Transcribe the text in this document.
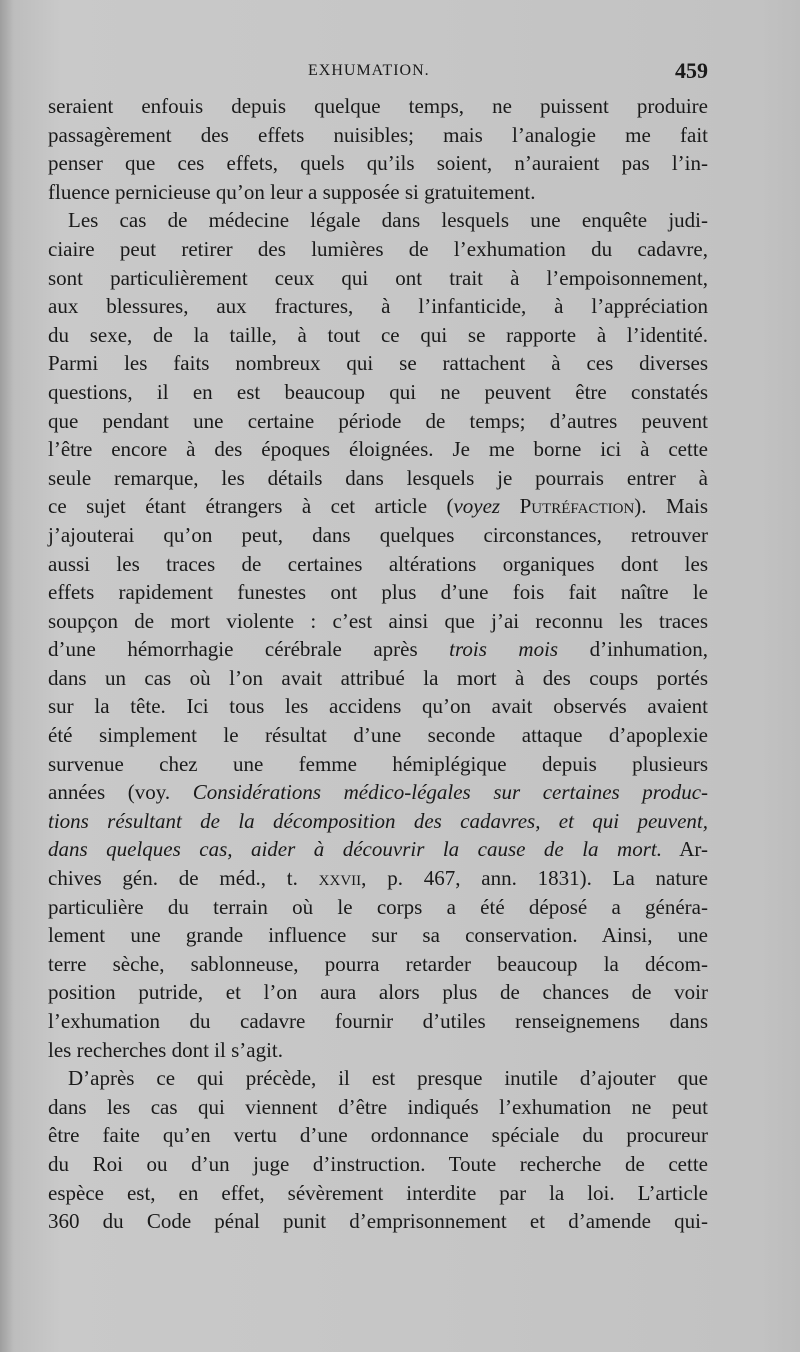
EXHUMATION.	459
seraient enfouis depuis quelque temps, ne puissent produire
passagèrement des effets nuisibles; mais l’analogie me fait
penser que ces effets, quels qu’ils soient, n’auraient pas l’in-
fluence pernicieuse qu’on leur a supposée si gratuitement.
Les cas de médecine légale dans lesquels une enquête judi-
ciaire peut retirer des lumières de l’exhumation du cadavre,
sont particulièrement ceux qui ont trait à l’empoisonnement,
aux blessures, aux fractures, à l’infanticide, à l’appréciation
du sexe, de la taille, à tout ce qui se rapporte à l’identité.
Parmi les faits nombreux qui se rattachent à ces diverses
questions, il en est beaucoup qui ne peuvent être constatés
que pendant une certaine période de temps; d’autres peuvent
l’être encore à des époques éloignées. Je me borne ici à cette
seule remarque, les détails dans lesquels je pourrais entrer à
ce sujet étant étrangers à cet article (voyez Putréfaction). Mais
j’ajouterai qu’on peut, dans quelques circonstances, retrouver
aussi les traces de certaines altérations organiques dont les
effets rapidement funestes ont plus d’une fois fait naître le
soupçon de mort violente : c’est ainsi que j’ai reconnu les traces
d’une hémorrhagie cérébrale après trois mois d’inhumation,
dans un cas où l’on avait attribué la mort à des coups portés
sur la tête. Ici tous les accidens qu’on avait observés avaient
été simplement le résultat d’une seconde attaque d’apoplexie
survenue chez une femme hémiplégique depuis plusieurs
années (voy. Considérations médico-légales sur certaines produc-
tions résultant de la décomposition des cadavres, et qui peuvent,
dans quelques cas, aider à découvrir la cause de la mort. Ar-
chives gén. de méd., t. xxvii, p. 467, ann. 1831). La nature
particulière du terrain où le corps a été déposé a généra-
lement une grande influence sur sa conservation. Ainsi, une
terre sèche, sablonneuse, pourra retarder beaucoup la décom-
position putride, et l’on aura alors plus de chances de voir
l’exhumation du cadavre fournir d’utiles renseignemens dans
les recherches dont il s’agit.
D’après ce qui précède, il est presque inutile d’ajouter que
dans les cas qui viennent d’être indiqués l’exhumation ne peut
être faite qu’en vertu d’une ordonnance spéciale du procureur
du Roi ou d’un juge d’instruction. Toute recherche de cette
espèce est, en effet, sévèrement interdite par la loi. L’article
360 du Code pénal punit d’emprisonnement et d’amende qui-
